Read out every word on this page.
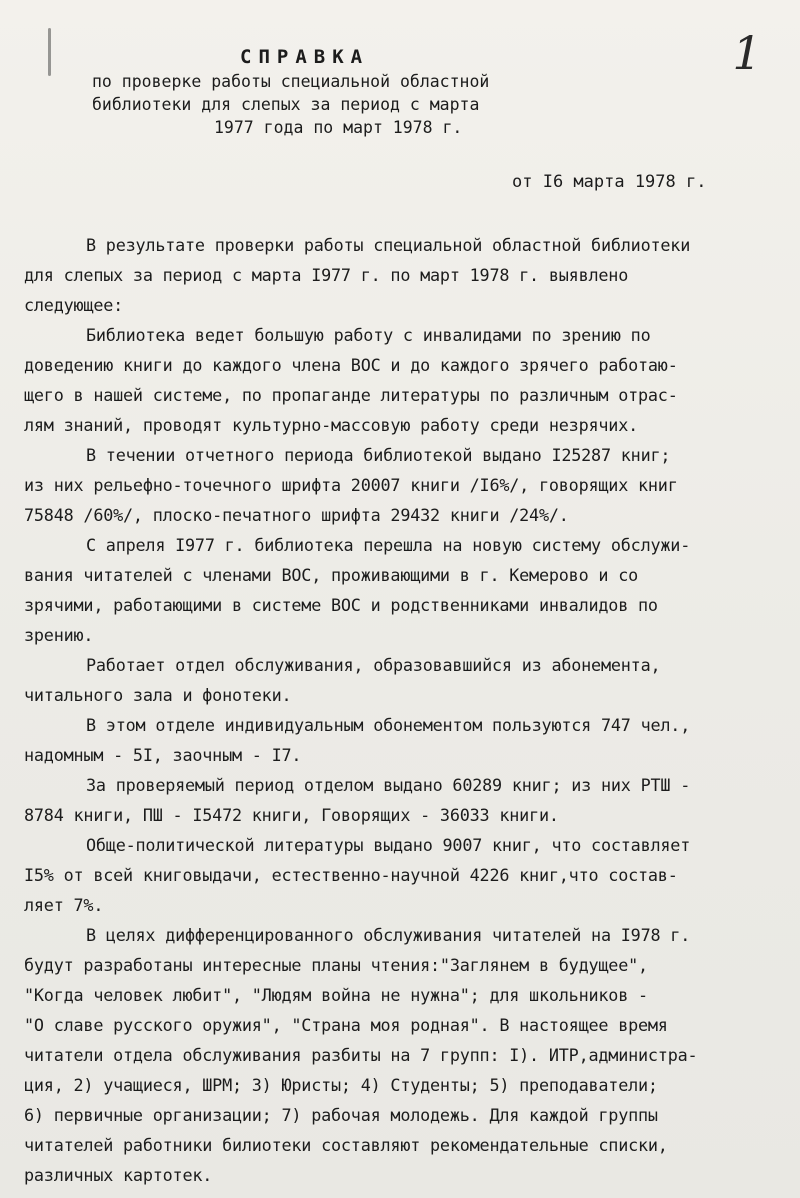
1
СПРАВКА
по проверке работы специальной областной
библиотеки для слепых за период с марта
1977 года по март 1978 г.
от I6 марта 1978 г.
В результате проверки работы специальной областной библиотеки
для слепых за период с марта I977 г. по март 1978 г. выявлено
следующее:
Библиотека ведет большую работу с инвалидами по зрению по
доведению книги до каждого члена ВОС и до каждого зрячего работаю-
щего в нашей системе, по пропаганде литературы по различным отрас-
лям знаний, проводят культурно-массовую работу среди незрячих.
В течении отчетного периода библиотекой выдано I25287 книг;
из них рельефно-точечного шрифта 20007 книги /I6%/, говорящих книг
75848 /60%/, плоско-печатного шрифта 29432 книги /24%/.
С апреля I977 г. библиотека перешла на новую систему обслужи-
вания читателей с членами ВОС, проживающими в г. Кемерово и со
зрячими, работающими в системе ВОС и родственниками инвалидов по
зрению.
Работает отдел обслуживания, образовавшийся из абонемента,
читального зала и фонотеки.
В этом отделе индивидуальным обонементом пользуются 747 чел.,
надомным - 5I, заочным - I7.
За проверяемый период отделом выдано 60289 книг; из них РТШ -
8784 книги, ПШ - I5472 книги, Говорящих - 36033 книги.
Обще-политической литературы выдано 9007 книг, что составляет
I5% от всей книговыдачи, естественно-научной 4226 книг,что состав-
ляет 7%.
В целях дифференцированного обслуживания читателей на I978 г.
будут разработаны интересные планы чтения:"Заглянем в будущее",
"Когда человек любит", "Людям война не нужна"; для школьников -
"О славе русского оружия", "Страна моя родная". В настоящее время
читатели отдела обслуживания разбиты на 7 групп: I). ИТР,администра-
ция, 2) учащиеся, ШРМ; 3) Юристы; 4) Студенты; 5) преподаватели;
6) первичные организации; 7) рабочая молодежь. Для каждой группы
читателей работники билиотеки составляют рекомендательные списки,
различных картотек.
